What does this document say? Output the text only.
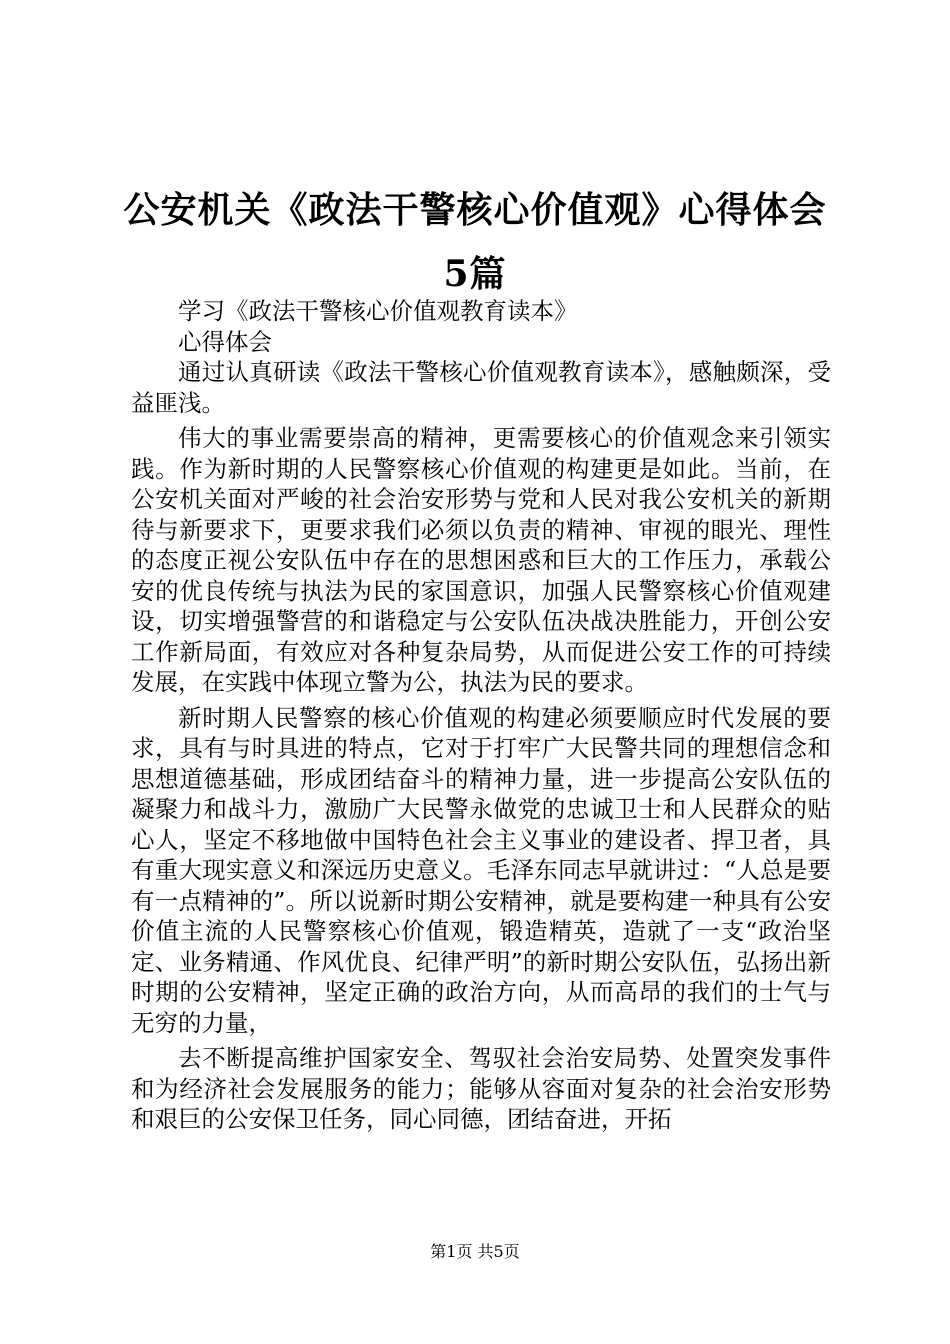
公安机关《政法干警核心价值观》心得体会5篇

学习《政法干警核心价值观教育读本》

心得体会

通过认真研读《政法干警核心价值观教育读本》，感触颇深，受益匪浅。

伟大的事业需要崇高的精神，更需要核心的价值观念来引领实践。作为新时期的人民警察核心价值观的构建更是如此。当前，在公安机关面对严峻的社会治安形势与党和人民对我公安机关的新期待与新要求下，更要求我们必须以负责的精神、审视的眼光、理性的态度正视公安队伍中存在的思想困惑和巨大的工作压力，承载公安的优良传统与执法为民的家国意识，加强人民警察核心价值观建设，切实增强警营的和谐稳定与公安队伍决战决胜能力，开创公安工作新局面，有效应对各种复杂局势，从而促进公安工作的可持续发展，在实践中体现立警为公，执法为民的要求。

新时期人民警察的核心价值观的构建必须要顺应时代发展的要求，具有与时具进的特点，它对于打牢广大民警共同的理想信念和思想道德基础，形成团结奋斗的精神力量，进一步提高公安队伍的凝聚力和战斗力，激励广大民警永做党的忠诚卫士和人民群众的贴心人，坚定不移地做中国特色社会主义事业的建设者、捍卫者，具有重大现实意义和深远历史意义。毛泽东同志早就讲过：“人总是要有一点精神的”。所以说新时期公安精神，就是要构建一种具有公安价值主流的人民警察核心价值观，锻造精英，造就了一支“政治坚定、业务精通、作风优良、纪律严明”的新时期公安队伍，弘扬出新时期的公安精神，坚定正确的政治方向，从而高昂的我们的士气与无穷的力量，

去不断提高维护国家安全、驾驭社会治安局势、处置突发事件和为经济社会发展服务的能力；能够从容面对复杂的社会治安形势和艰巨的公安保卫任务，同心同德，团结奋进，开拓

第1页 共5页
